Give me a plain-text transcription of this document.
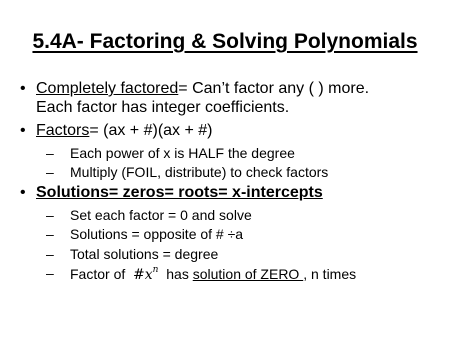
5.4A- Factoring & Solving Polynomials
• Completely factored= Can’t factor any ( ) more.
Each factor has integer coefficients.
• Factors= (ax + #)(ax + #)
– Each power of x is HALF the degree
– Multiply (FOIL, distribute) to check factors
• Solutions= zeros= roots= x-intercepts
– Set each factor = 0 and solve
– Solutions = opposite of # ÷a
– Total solutions = degree
– Factor of  $\#x^n$  has solution of ZERO , n times
